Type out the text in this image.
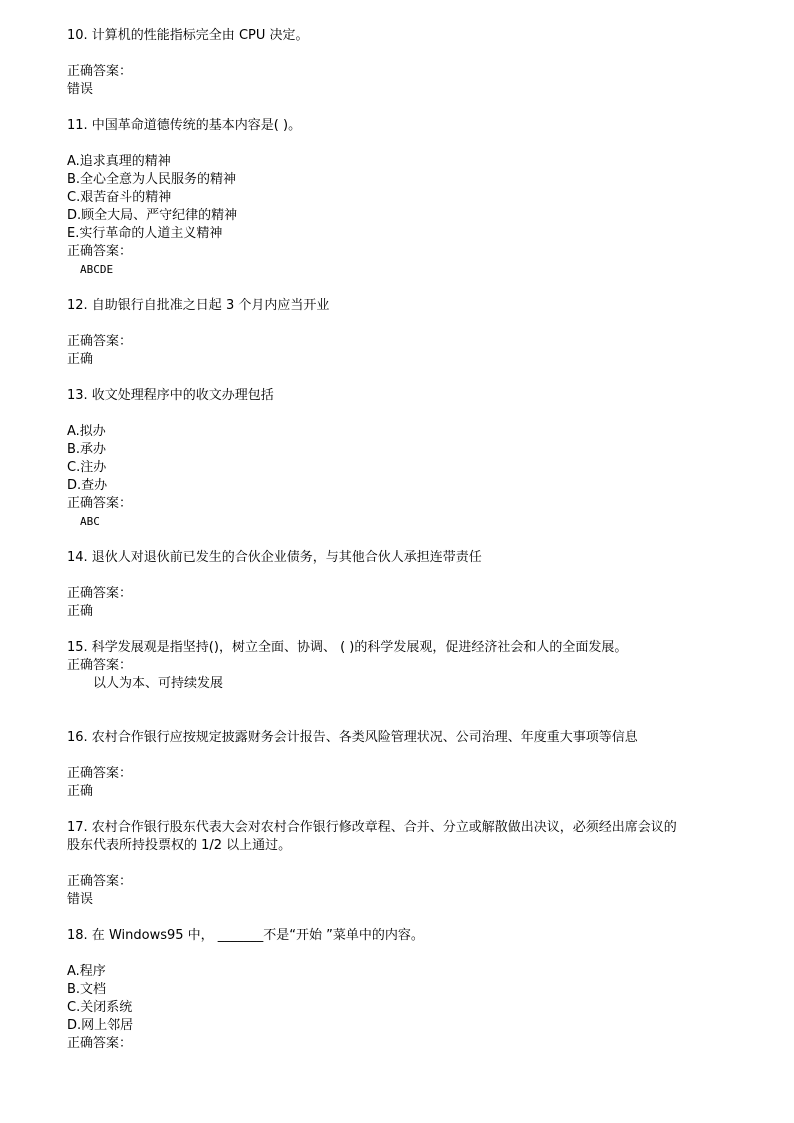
10. 计算机的性能指标完全由 CPU 决定。
正确答案：
错误
11. 中国革命道德传统的基本内容是( )。
A.追求真理的精神
B.全心全意为人民服务的精神
C.艰苦奋斗的精神
D.顾全大局、严守纪律的精神
E.实行革命的人道主义精神
正确答案：
ABCDE
12. 自助银行自批准之日起 3 个月内应当开业
正确答案：
正确
13. 收文处理程序中的收文办理包括
A.拟办
B.承办
C.注办
D.查办
正确答案：
ABC
14. 退伙人对退伙前已发生的合伙企业债务，与其他合伙人承担连带责任
正确答案：
正确
15. 科学发展观是指坚持()，树立全面、协调、 ( )的科学发展观，促进经济社会和人的全面发展。
正确答案：
以人为本、可持续发展
16. 农村合作银行应按规定披露财务会计报告、各类风险管理状况、公司治理、年度重大事项等信息
正确答案：
正确
17. 农村合作银行股东代表大会对农村合作银行修改章程、合并、分立或解散做出决议，必须经出席会议的
股东代表所持投票权的 1/2 以上通过。
正确答案：
错误
18. 在 Windows95 中， _______不是“开始 ”菜单中的内容。
A.程序
B.文档
C.关闭系统
D.网上邻居
正确答案：
